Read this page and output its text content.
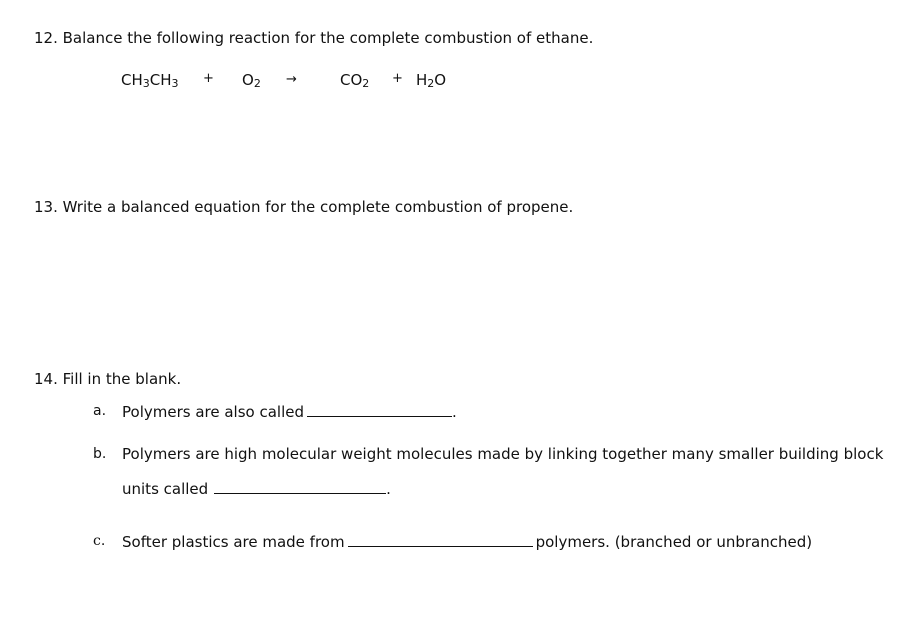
12. Balance the following reaction for the complete combustion of ethane.
CH3CH3 + O2 →	CO2 + H2O
13. Write a balanced equation for the complete combustion of propene.
14. Fill in the blank.
a. Polymers are also called	.
b. Polymers are high molecular weight molecules made by linking together many smaller building block
units called	.
c. Softer plastics are made from	polymers. (branched or unbranched)
